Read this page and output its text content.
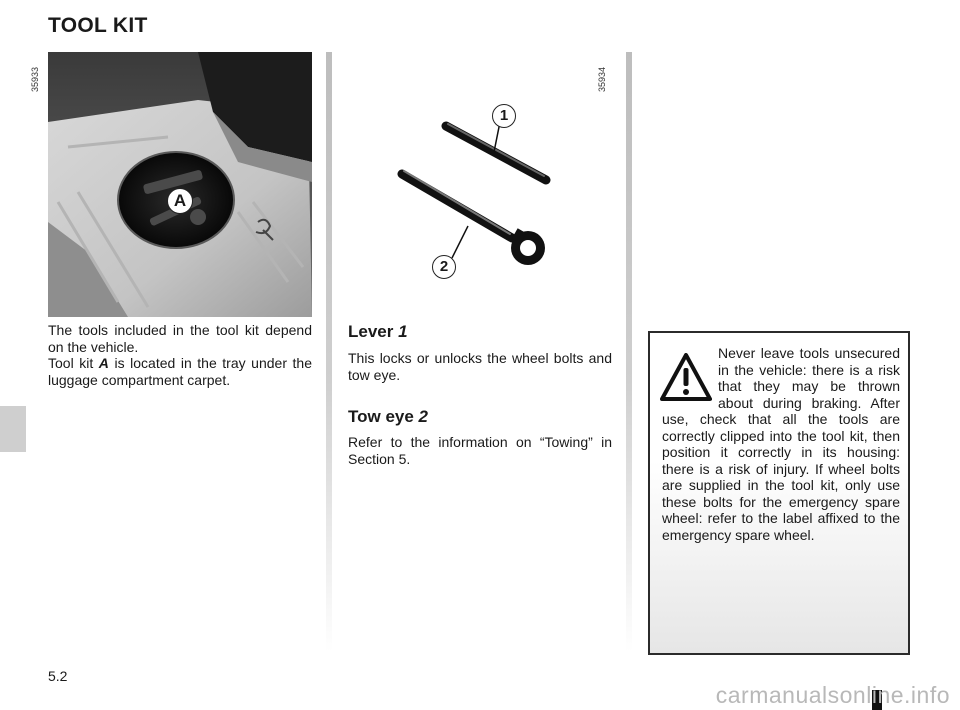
TOOL KIT
35933
A

The tools included in the tool kit depend on the vehicle.
Tool kit A is located in the tray under the luggage compartment carpet.

35934
1
2
Lever 1

This locks or unlocks the wheel bolts and tow eye.

Tow eye 2

Refer to the information on “Towing” in Section 5.

Never leave tools unsecured in the vehicle: there is a risk that they may be thrown about during braking. After use, check that all the tools are correctly clipped into the tool kit, then position it correctly in its housing: there is a risk of injury. If wheel bolts are supplied in the tool kit, only use these bolts for the emergency spare wheel: refer to the label affixed to the emergency spare wheel.

5.2
carmanualsonline.info
